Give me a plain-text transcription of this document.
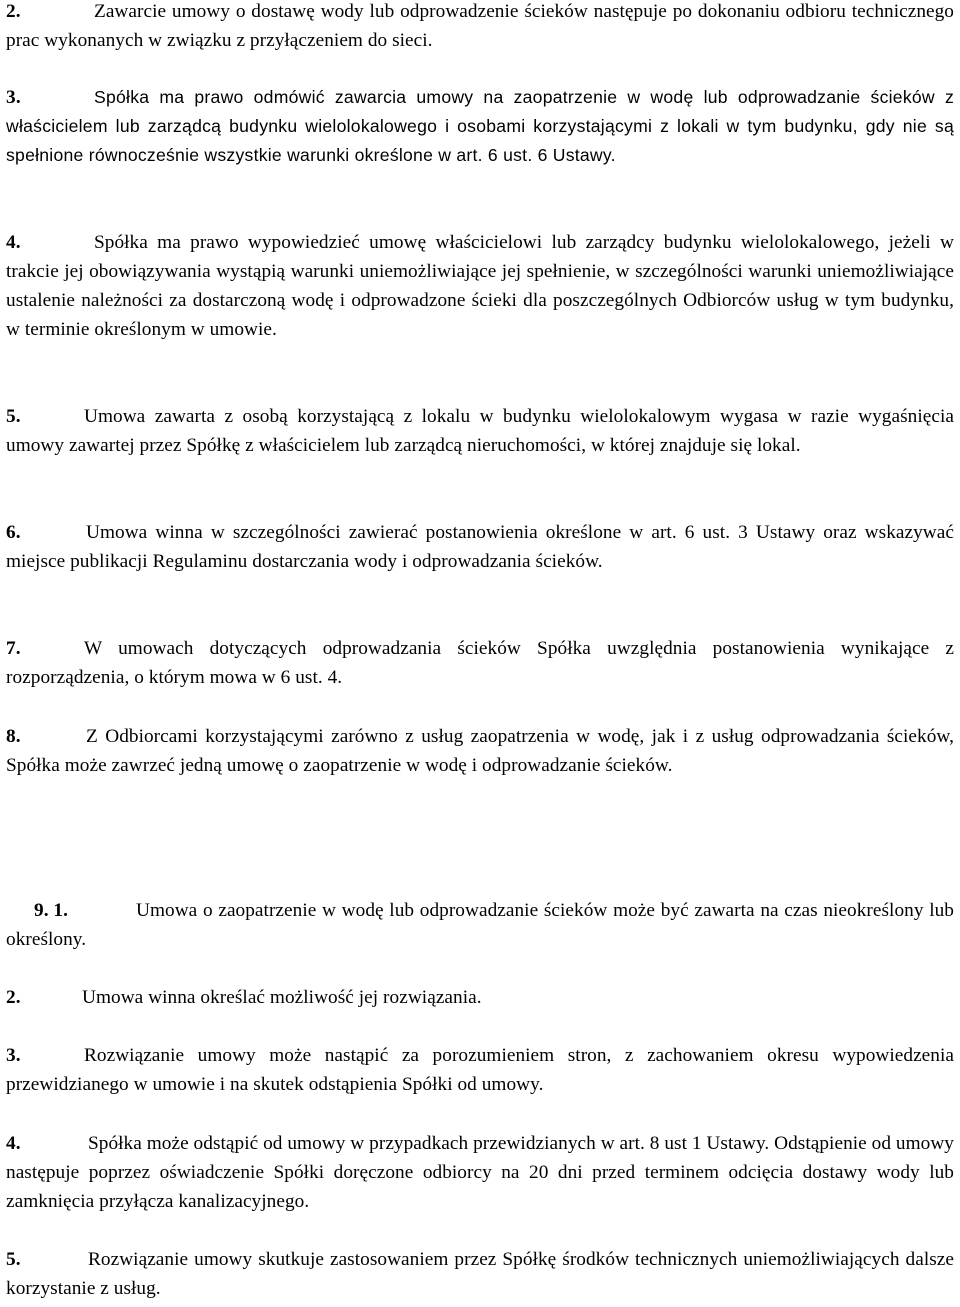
2.	Zawarcie umowy o dostawę wody lub odprowadzenie ścieków następuje po dokonaniu odbioru technicznego prac wykonanych w związku z przyłączeniem do sieci.

3.	Spółka ma prawo odmówić zawarcia umowy na zaopatrzenie w wodę lub odprowadzanie ścieków z właścicielem lub zarządcą budynku wielolokalowego i osobami korzystającymi z lokali w tym budynku, gdy nie są spełnione równocześnie wszystkie warunki określone w art. 6 ust. 6 Ustawy.

4.	Spółka ma prawo wypowiedzieć umowę właścicielowi lub zarządcy budynku wielolokalowego, jeżeli w trakcie jej obowiązywania wystąpią warunki uniemożliwiające jej spełnienie, w szczególności warunki uniemożliwiające ustalenie należności za dostarczoną wodę i odprowadzone ścieki dla poszczególnych Odbiorców usług w tym budynku, w terminie określonym w umowie.

5.	Umowa zawarta z osobą korzystającą z lokalu w budynku wielolokalowym wygasa w razie wygaśnięcia umowy zawartej przez Spółkę z właścicielem lub zarządcą nieruchomości, w której znajduje się lokal.

6.	Umowa winna w szczególności zawierać postanowienia określone w art. 6 ust. 3 Ustawy oraz wskazywać miejsce publikacji Regulaminu dostarczania wody i odprowadzania ścieków.

7.	W umowach dotyczących odprowadzania ścieków Spółka uwzględnia postanowienia wynikające z rozporządzenia, o którym mowa w 6 ust. 4.

8.	Z Odbiorcami korzystającymi zarówno z usług zaopatrzenia w wodę, jak i z usług odprowadzania ścieków, Spółka może zawrzeć jedną umowę o zaopatrzenie w wodę i odprowadzanie ścieków.

9. 1.	Umowa o zaopatrzenie w wodę lub odprowadzanie ścieków może być zawarta na czas nieokreślony lub określony.

2.	Umowa winna określać możliwość jej rozwiązania.

3.	Rozwiązanie umowy może nastąpić za porozumieniem stron, z zachowaniem okresu wypowiedzenia przewidzianego w umowie i na skutek odstąpienia Spółki od umowy.

4.	Spółka może odstąpić od umowy w przypadkach przewidzianych w art. 8 ust 1 Ustawy. Odstąpienie od umowy następuje poprzez oświadczenie Spółki doręczone odbiorcy na 20 dni przed terminem odcięcia dostawy wody lub zamknięcia przyłącza kanalizacyjnego.

5.	Rozwiązanie umowy skutkuje zastosowaniem przez Spółkę środków technicznych uniemożliwiających dalsze korzystanie z usług.
